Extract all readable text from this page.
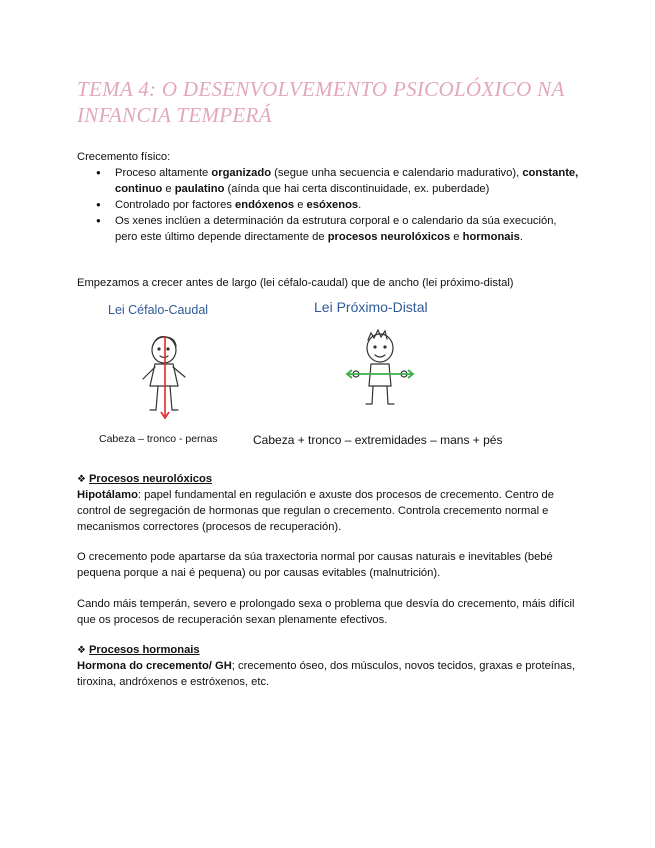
TEMA 4: O DESENVOLVEMENTO PSICOLÓXICO NA INFANCIA TEMPERÁ
Crecemento físico:
● Proceso altamente organizado (segue unha secuencia e calendario madurativo), constante, continuo e paulatino (aínda que hai certa discontinuidade, ex. puberdade)
● Controlado por factores endóxenos e esóxenos.
● Os xenes inclúen a determinación da estrutura corporal e o calendario da súa execución, pero este último depende directamente de procesos neurolóxicos e hormonais.
Empezamos a crecer antes de largo (lei céfalo-caudal) que de ancho (lei próximo-distal)
Lei Céfalo-Caudal	Lei Próximo-Distal
Cabeza – tronco - pernas	Cabeza + tronco – extremidades – mans + pés
❖ Procesos neurolóxicos
Hipotálamo: papel fundamental en regulación e axuste dos procesos de crecemento. Centro de control de segregación de hormonas que regulan o crecemento. Controla crecemento normal e mecanismos correctores (procesos de recuperación).
O crecemento pode apartarse da súa traxectoria normal por causas naturais e inevitables (bebé pequena porque a nai é pequena) ou por causas evitables (malnutrición).
Cando máis temperán, severo e prolongado sexa o problema que desvía do crecemento, máis difícil que os procesos de recuperación sexan plenamente efectivos.
❖ Procesos hormonais
Hormona do crecemento/ GH; crecemento óseo, dos músculos, novos tecidos, graxas e proteínas, tiroxina, andróxenos e estróxenos, etc.
